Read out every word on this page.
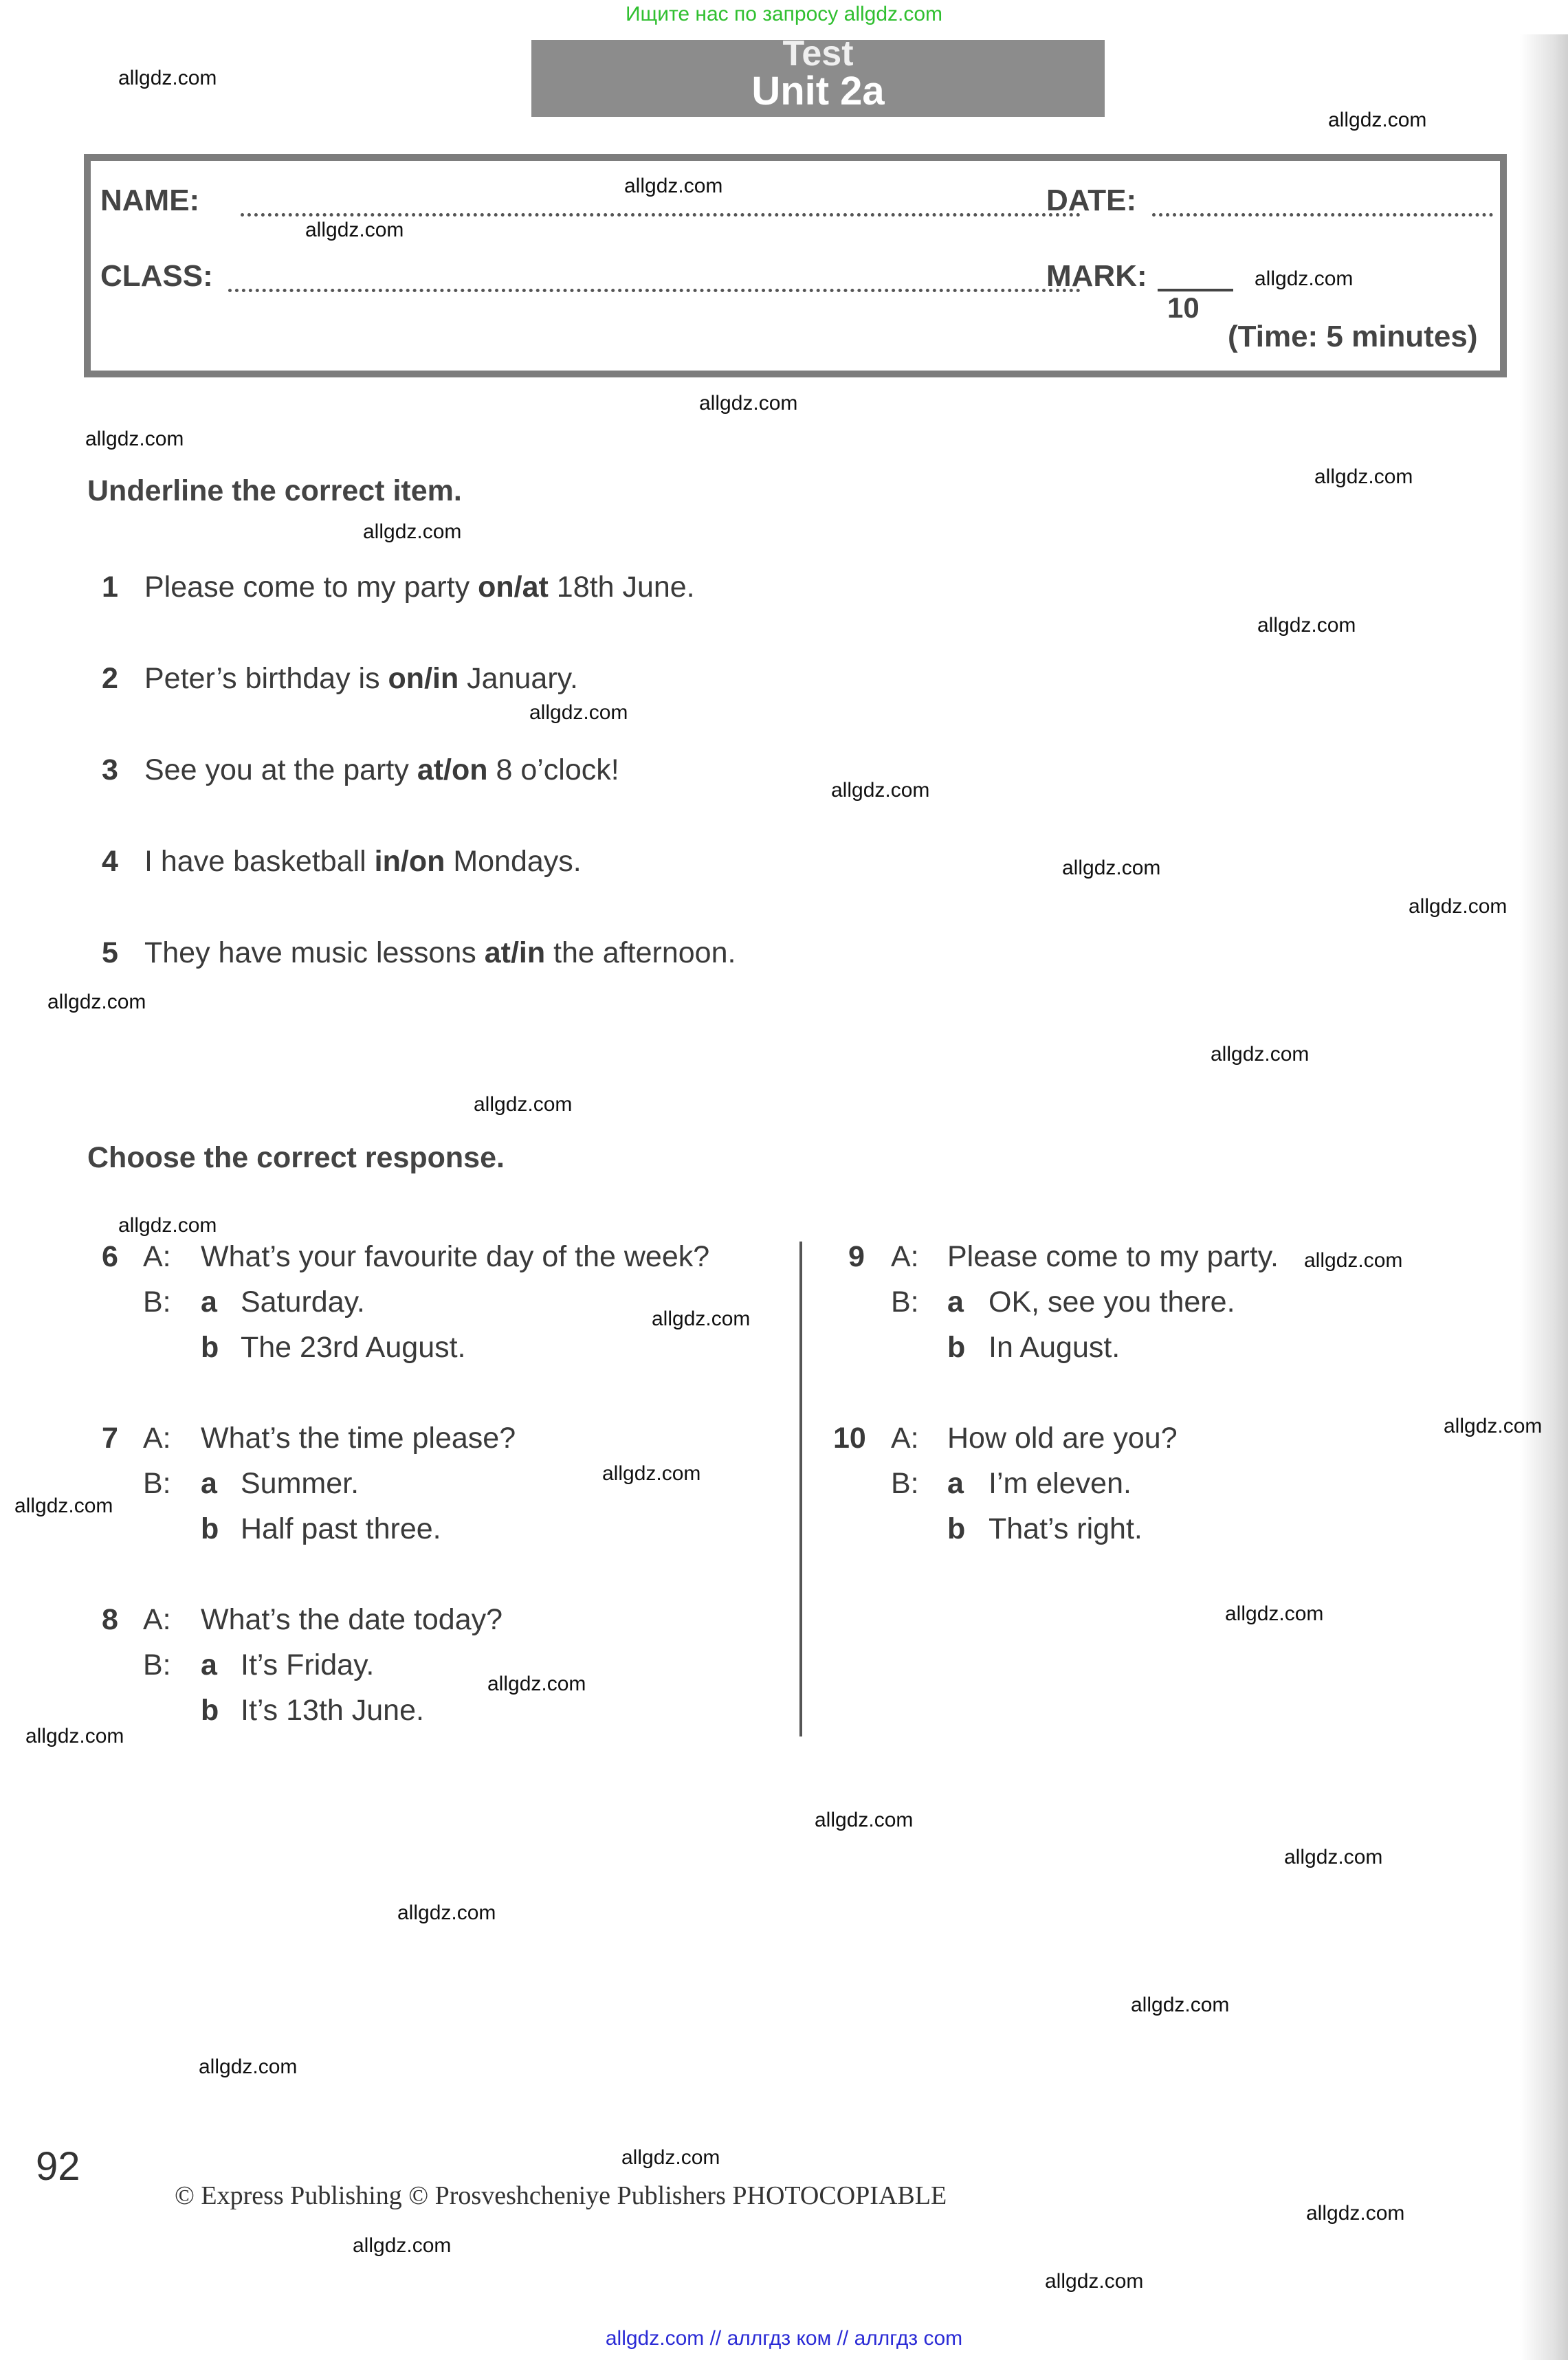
Ищите нас по запросу allgdz.com
Test
Unit 2a
NAME:	DATE:
CLASS:	MARK:
10
(Time: 5 minutes)
Underline the correct item.
1 Please come to my party on/at 18th June.
2 Peter’s birthday is on/in January.
3 See you at the party at/on 8 o’clock!
4 I have basketball in/on Mondays.
5 They have music lessons at/in the afternoon.
Choose the correct response.
6 A: What’s your favourite day of the week?
B: a Saturday.
b The 23rd August.
7 A: What’s the time please?
B: a Summer.
b Half past three.
8 A: What’s the date today?
B: a It’s Friday.
b It’s 13th June.
9 A: Please come to my party.
B: a OK, see you there.
b In August.
10 A: How old are you?
B: a I’m eleven.
b That’s right.
92
© Express Publishing © Prosveshcheniye Publishers PHOTOCOPIABLE
allgdz.com
allgdz.com
allgdz.com
allgdz.com
allgdz.com
allgdz.com
allgdz.com
allgdz.com
allgdz.com
allgdz.com
allgdz.com
allgdz.com
allgdz.com
allgdz.com
allgdz.com
allgdz.com
allgdz.com
allgdz.com
allgdz.com
allgdz.com
allgdz.com
allgdz.com
allgdz.com
allgdz.com
allgdz.com
allgdz.com
allgdz.com
allgdz.com
allgdz.com
allgdz.com
allgdz.com
allgdz.com
allgdz.com
allgdz.com
allgdz.com
allgdz.com // аллгдз ком // аллгдз com
